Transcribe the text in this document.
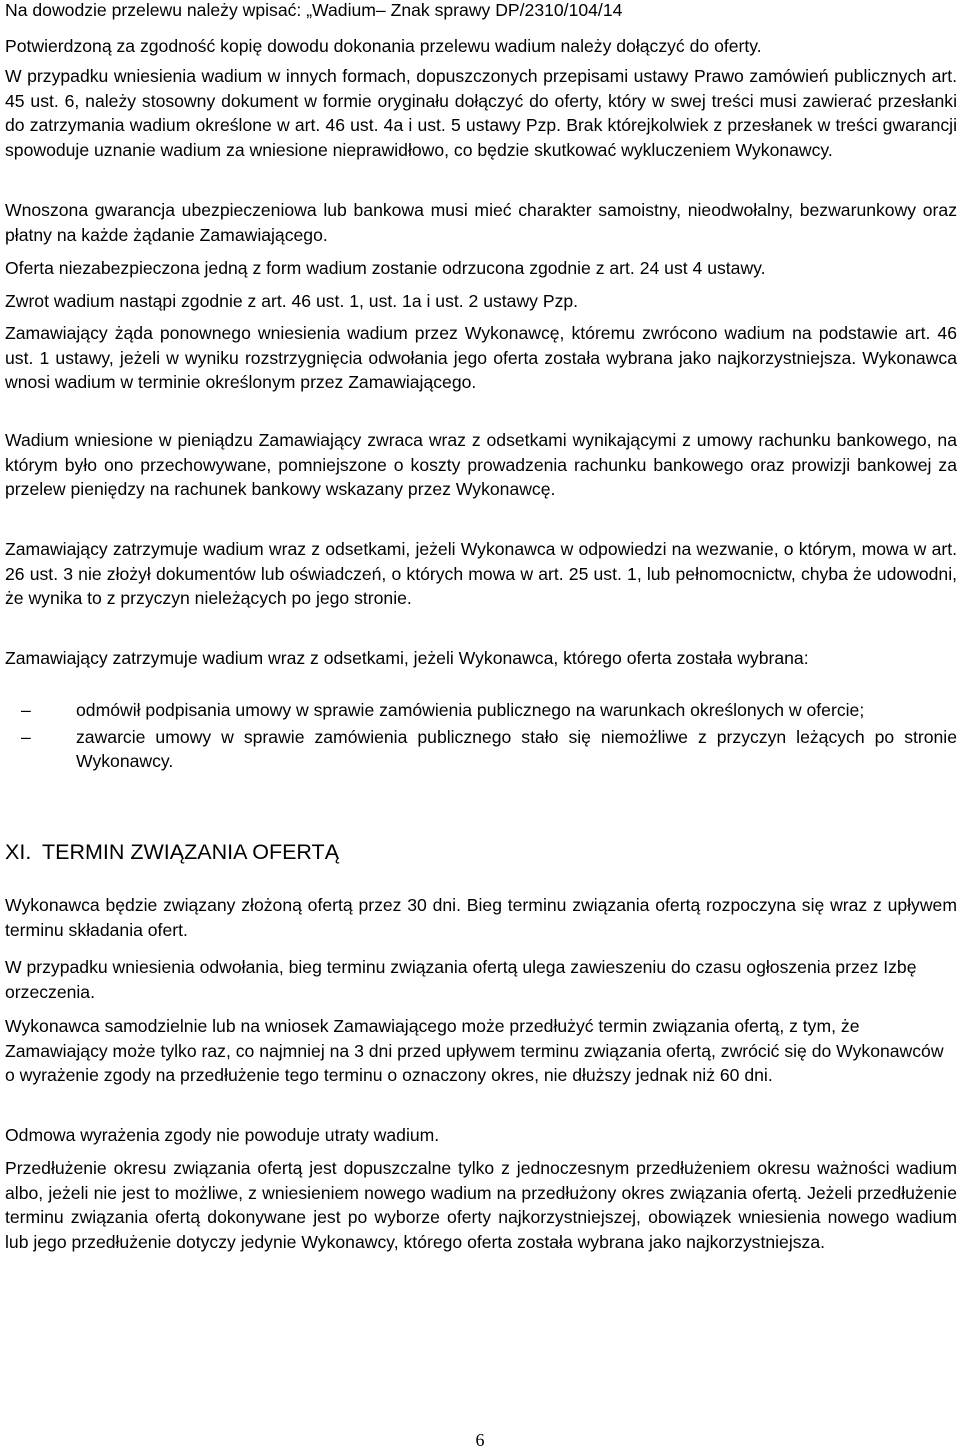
Na dowodzie przelewu należy wpisać: „Wadium– Znak sprawy DP/2310/104/14

Potwierdzoną za zgodność kopię dowodu dokonania przelewu wadium należy dołączyć do oferty.

W przypadku wniesienia wadium w innych formach, dopuszczonych przepisami ustawy Prawo zamówień publicznych art. 45 ust. 6, należy stosowny dokument w formie oryginału dołączyć do oferty, który w swej treści musi zawierać przesłanki do zatrzymania wadium określone w art. 46 ust. 4a i ust. 5 ustawy Pzp. Brak którejkolwiek z przesłanek w treści gwarancji spowoduje uznanie wadium za wniesione nieprawidłowo, co będzie skutkować wykluczeniem Wykonawcy.

Wnoszona gwarancja ubezpieczeniowa lub bankowa musi mieć charakter samoistny, nieodwołalny, bezwarunkowy oraz płatny na każde żądanie Zamawiającego.

Oferta niezabezpieczona jedną z form wadium zostanie odrzucona zgodnie z art. 24 ust 4 ustawy.

Zwrot wadium nastąpi zgodnie z art. 46 ust. 1, ust. 1a i ust. 2 ustawy Pzp.

Zamawiający żąda ponownego wniesienia wadium przez Wykonawcę, któremu zwrócono wadium na podstawie art. 46 ust. 1 ustawy, jeżeli w wyniku rozstrzygnięcia odwołania jego oferta została wybrana jako najkorzystniejsza. Wykonawca wnosi wadium w terminie określonym przez Zamawiającego.

Wadium wniesione w pieniądzu Zamawiający zwraca wraz z odsetkami wynikającymi z umowy rachunku bankowego, na którym było ono przechowywane, pomniejszone o koszty prowadzenia rachunku bankowego oraz prowizji bankowej za przelew pieniędzy na rachunek bankowy wskazany przez Wykonawcę.

Zamawiający zatrzymuje wadium wraz z odsetkami, jeżeli Wykonawca w odpowiedzi na wezwanie, o którym, mowa w art. 26 ust. 3 nie złożył dokumentów lub oświadczeń, o których mowa w art. 25 ust. 1, lub pełnomocnictw, chyba że udowodni, że wynika to z przyczyn nieleżących po jego stronie.

Zamawiający zatrzymuje wadium wraz z odsetkami, jeżeli Wykonawca, którego oferta została wybrana:

–	odmówił podpisania umowy w sprawie zamówienia publicznego na warunkach określonych w ofercie;
–	zawarcie umowy w sprawie zamówienia publicznego stało się niemożliwe z przyczyn leżących po stronie Wykonawcy.
XI. TERMIN ZWIĄZANIA OFERTĄ

Wykonawca będzie związany złożoną ofertą przez 30 dni. Bieg terminu związania ofertą rozpoczyna się wraz z upływem terminu składania ofert.

W przypadku wniesienia odwołania, bieg terminu związania ofertą ulega zawieszeniu do czasu ogłoszenia przez Izbę orzeczenia.

Wykonawca samodzielnie lub na wniosek Zamawiającego może przedłużyć termin związania ofertą, z tym, że Zamawiający może tylko raz, co najmniej na 3 dni przed upływem terminu związania ofertą, zwrócić się do Wykonawców o wyrażenie zgody na przedłużenie tego terminu o oznaczony okres, nie dłuższy jednak niż 60 dni.

Odmowa wyrażenia zgody nie powoduje utraty wadium.

Przedłużenie okresu związania ofertą jest dopuszczalne tylko z jednoczesnym przedłużeniem okresu ważności wadium albo, jeżeli nie jest to możliwe, z wniesieniem nowego wadium na przedłużony okres związania ofertą. Jeżeli przedłużenie terminu związania ofertą dokonywane jest po wyborze oferty najkorzystniejszej, obowiązek wniesienia nowego wadium lub jego przedłużenie dotyczy jedynie Wykonawcy, którego oferta została wybrana jako najkorzystniejsza.

6
